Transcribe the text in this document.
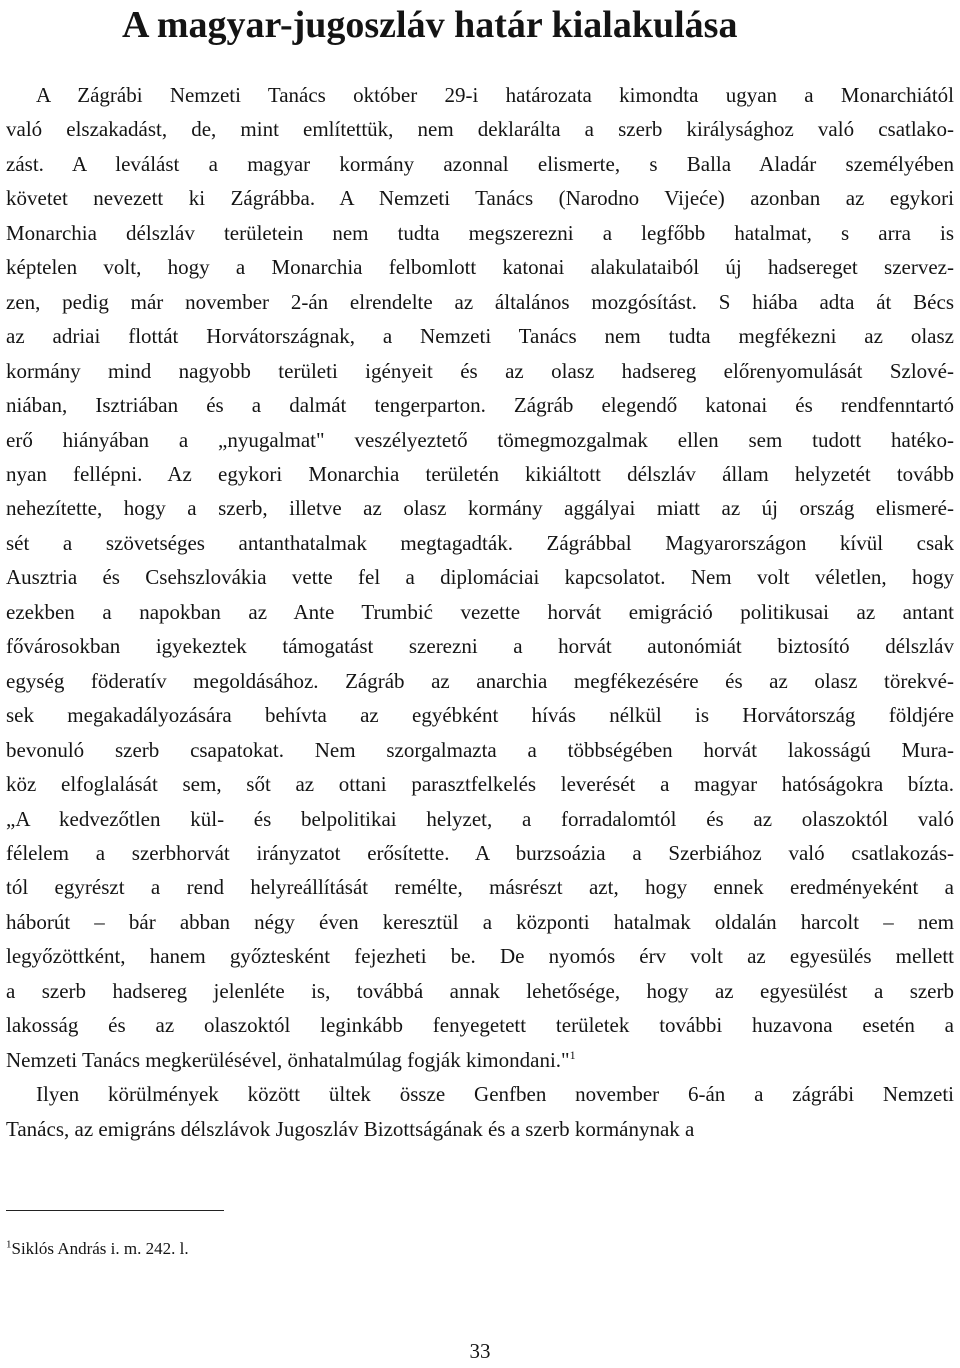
A magyar-jugoszláv határ kialakulása

A Zágrábi Nemzeti Tanács október 29-i határozata kimondta ugyan a Monarchiától
való elszakadást, de, mint említettük, nem deklarálta a szerb királysághoz való csatlako-
zást. A leválást a magyar kormány azonnal elismerte, s Balla Aladár személyében
követet nevezett ki Zágrábba. A Nemzeti Tanács (Narodno Vijeće) azonban az egykori
Monarchia délszláv területein nem tudta megszerezni a legfőbb hatalmat, s arra is
képtelen volt, hogy a Monarchia felbomlott katonai alakulataiból új hadsereget szervez-
zen, pedig már november 2-án elrendelte az általános mozgósítást. S hiába adta át Bécs
az adriai flottát Horvátországnak, a Nemzeti Tanács nem tudta megfékezni az olasz
kormány mind nagyobb területi igényeit és az olasz hadsereg előrenyomulását Szlové-
niában, Isztriában és a dalmát tengerparton. Zágráb elegendő katonai és rendfenntartó
erő hiányában a „nyugalmat" veszélyeztető tömegmozgalmak ellen sem tudott hatéko-
nyan fellépni. Az egykori Monarchia területén kikiáltott délszláv állam helyzetét tovább
nehezítette, hogy a szerb, illetve az olasz kormány aggályai miatt az új ország elismeré-
sét a szövetséges antanthatalmak megtagadták. Zágrábbal Magyarországon kívül csak
Ausztria és Csehszlovákia vette fel a diplomáciai kapcsolatot. Nem volt véletlen, hogy
ezekben a napokban az Ante Trumbić vezette horvát emigráció politikusai az antant
fővárosokban igyekeztek támogatást szerezni a horvát autonómiát biztosító délszláv
egység föderatív megoldásához. Zágráb az anarchia megfékezésére és az olasz törekvé-
sek megakadályozására behívta az egyébként hívás nélkül is Horvátország földjére
bevonuló szerb csapatokat. Nem szorgalmazta a többségében horvát lakosságú Mura-
köz elfoglalását sem, sőt az ottani parasztfelkelés leverését a magyar hatóságokra bízta.
„A kedvezőtlen kül- és belpolitikai helyzet, a forradalomtól és az olaszoktól való
félelem a szerbhorvát irányzatot erősítette. A burzsoázia a Szerbiához való csatlakozás-
tól egyrészt a rend helyreállítását remélte, másrészt azt, hogy ennek eredményeként a
háborút – bár abban négy éven keresztül a központi hatalmak oldalán harcolt – nem
legyőzöttként, hanem győztesként fejezheti be. De nyomós érv volt az egyesülés mellett
a szerb hadsereg jelenléte is, továbbá annak lehetősége, hogy az egyesülést a szerb
lakosság és az olaszoktól leginkább fenyegetett területek további huzavona esetén a
Nemzeti Tanács megkerülésével, önhatalmúlag fogják kimondani."$^1$

Ilyen körülmények között ültek össze Genfben november 6-án a zágrábi Nemzeti
Tanács, az emigráns délszlávok Jugoszláv Bizottságának és a szerb kormánynak a

$^1$Siklós András i. m. 242. l.
33
